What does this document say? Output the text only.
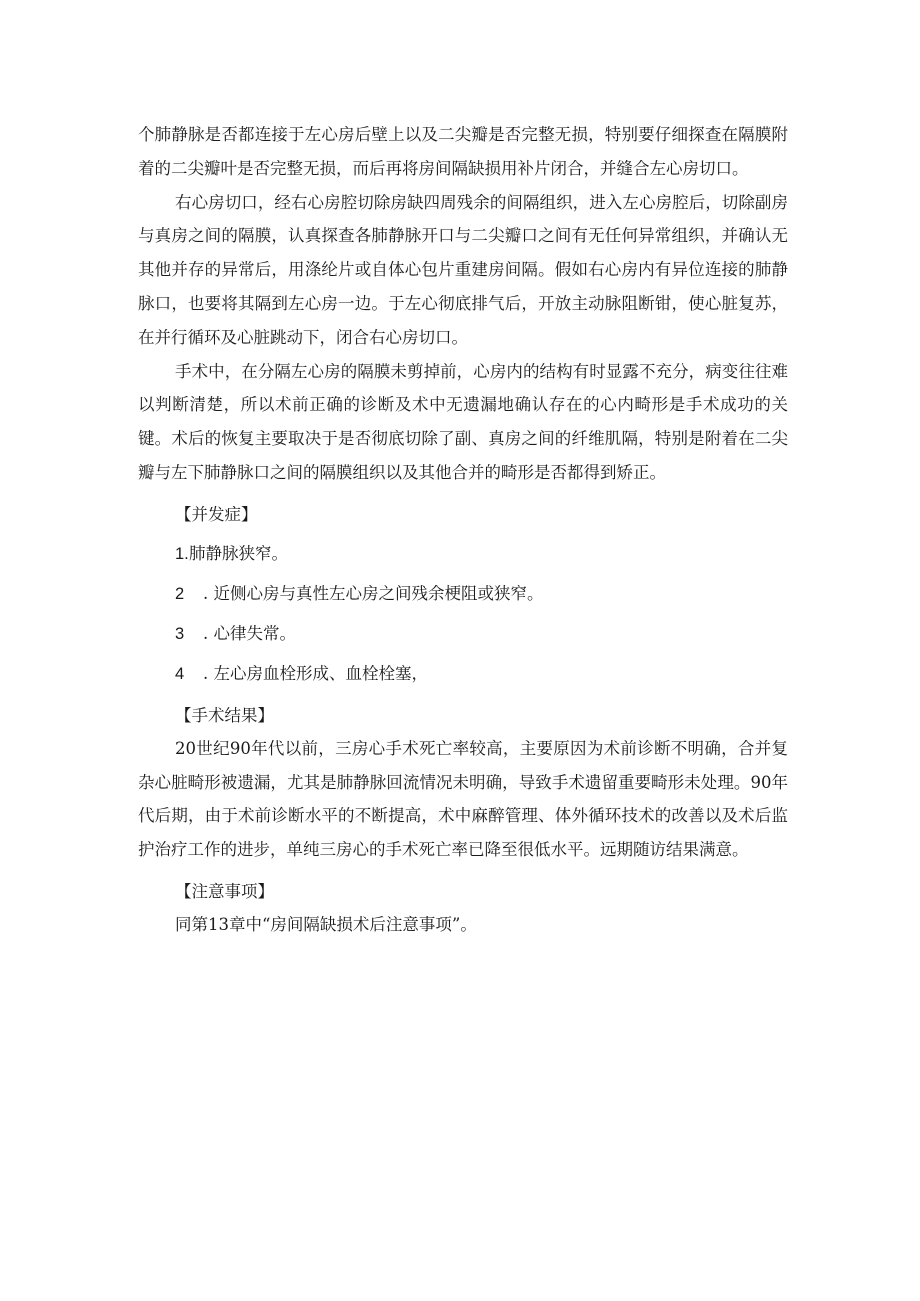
个肺静脉是否都连接于左心房后壁上以及二尖瓣是否完整无损，特别要仔细探查在隔膜附着的二尖瓣叶是否完整无损，而后再将房间隔缺损用补片闭合，并缝合左心房切口。

右心房切口，经右心房腔切除房缺四周残余的间隔组织，进入左心房腔后，切除副房与真房之间的隔膜，认真探查各肺静脉开口与二尖瓣口之间有无任何异常组织，并确认无其他并存的异常后，用涤纶片或自体心包片重建房间隔。假如右心房内有异位连接的肺静脉口，也要将其隔到左心房一边。于左心彻底排气后，开放主动脉阻断钳，使心脏复苏，在并行循环及心脏跳动下，闭合右心房切口。

手术中，在分隔左心房的隔膜未剪掉前，心房内的结构有时显露不充分，病变往往难以判断清楚，所以术前正确的诊断及术中无遗漏地确认存在的心内畸形是手术成功的关键。术后的恢复主要取决于是否彻底切除了副、真房之间的纤维肌隔，特别是附着在二尖瓣与左下肺静脉口之间的隔膜组织以及其他合并的畸形是否都得到矫正。

【并发症】
1.肺静脉狭窄。
2 . 近侧心房与真性左心房之间残余梗阻或狭窄。
3 . 心律失常。
4 . 左心房血栓形成、血栓栓塞，
【手术结果】

20世纪90年代以前，三房心手术死亡率较高，主要原因为术前诊断不明确，合并复杂心脏畸形被遗漏，尤其是肺静脉回流情况未明确，导致手术遗留重要畸形未处理。90年代后期，由于术前诊断水平的不断提高，术中麻醉管理、体外循环技术的改善以及术后监护治疗工作的进步，单纯三房心的手术死亡率已降至很低水平。远期随访结果满意。

【注意事项】

同第13章中“房间隔缺损术后注意事项”。
